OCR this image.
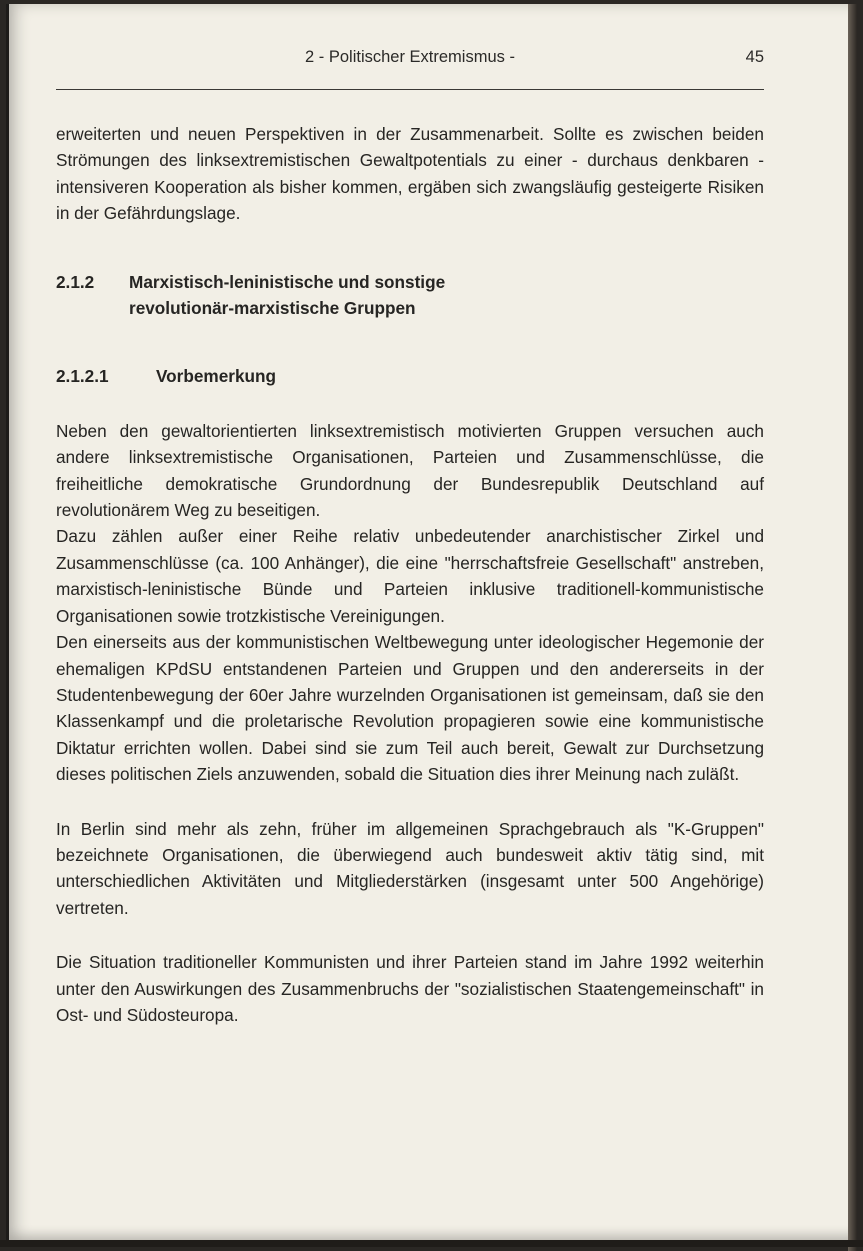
2 - Politischer Extremismus -	45

erweiterten und neuen Perspektiven in der Zusammenarbeit. Sollte es zwischen beiden Strömungen des linksextremistischen Gewaltpotentials zu einer - durchaus denkbaren - intensiveren Kooperation als bisher kommen, ergäben sich zwangsläufig gesteigerte Risiken in der Gefährdungslage.

2.1.2	Marxistisch-leninistische und sonstige
revolutionär-marxistische Gruppen
2.1.2.1	Vorbemerkung

Neben den gewaltorientierten linksextremistisch motivierten Gruppen versuchen auch andere linksextremistische Organisationen, Parteien und Zusammenschlüsse, die freiheitliche demokratische Grundordnung der Bundesrepublik Deutschland auf revolutionärem Weg zu beseitigen.

Dazu zählen außer einer Reihe relativ unbedeutender anarchistischer Zirkel und Zusammenschlüsse (ca. 100 Anhänger), die eine "herrschaftsfreie Gesellschaft" anstreben, marxistisch-leninistische Bünde und Parteien inklusive traditionell-kommunistische Organisationen sowie trotzkistische Vereinigungen.

Den einerseits aus der kommunistischen Weltbewegung unter ideologischer Hegemonie der ehemaligen KPdSU entstandenen Parteien und Gruppen und den andererseits in der Studentenbewegung der 60er Jahre wurzelnden Organisationen ist gemeinsam, daß sie den Klassenkampf und die proletarische Revolution propagieren sowie eine kommunistische Diktatur errichten wollen. Dabei sind sie zum Teil auch bereit, Gewalt zur Durchsetzung dieses politischen Ziels anzuwenden, sobald die Situation dies ihrer Meinung nach zuläßt.

In Berlin sind mehr als zehn, früher im allgemeinen Sprachgebrauch als "K-Gruppen" bezeichnete Organisationen, die überwiegend auch bundesweit aktiv tätig sind, mit unterschiedlichen Aktivitäten und Mitgliederstärken (insgesamt unter 500 Angehörige) vertreten.

Die Situation traditioneller Kommunisten und ihrer Parteien stand im Jahre 1992 weiterhin unter den Auswirkungen des Zusammenbruchs der "sozialistischen Staatengemeinschaft" in Ost- und Südosteuropa.
